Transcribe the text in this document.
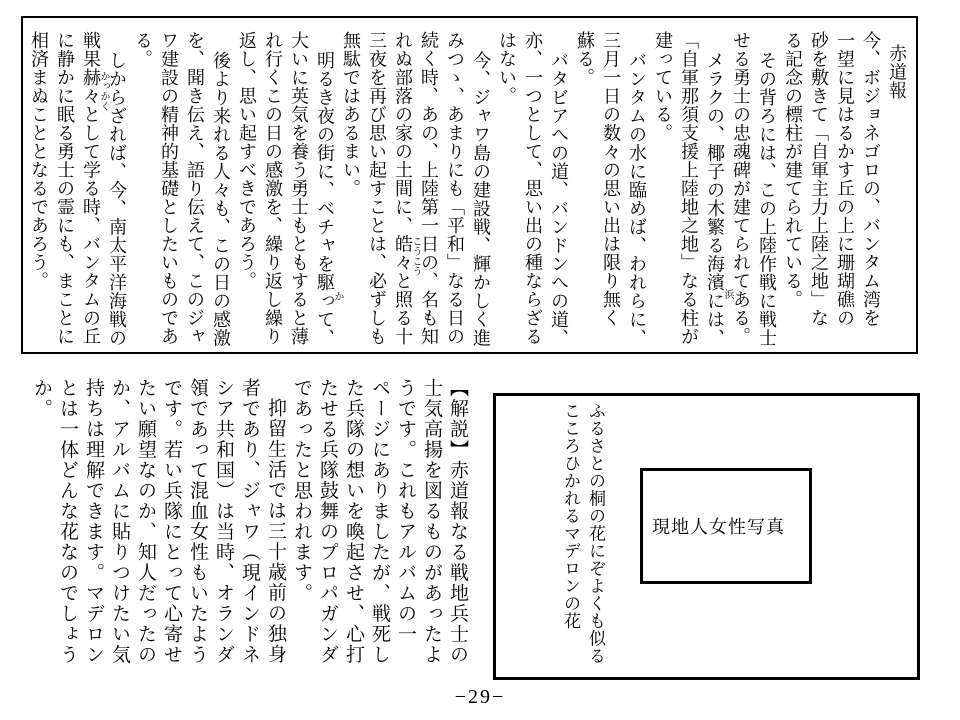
赤道報
今、ボジョネゴロの、バンタム湾を
一望に見はるかす丘の上に珊瑚礁の
砂を敷きて「自軍主力上陸之地」な
る記念の標柱が建てられている。
その背ろには、この上陸作戦に戦士
せる勇士の忠魂碑が建てられてある。
メラクの、椰子の木繁る海濱には、
浜
「自軍那須支援上陸地之地」なる柱が
建っている。
バンタムの水に臨めば、われらに、
三月一日の数々の思い出は限り無く
蘇る。
バタビアへの道、バンドンへの道、
亦、一つとして、思い出の種ならざる
はない。
今、ジャワ島の建設戦、輝かしく進
みつゝ、あまりにも「平和」なる日の
続く時、あの、上陸第一日の、名も知
れぬ部落の家の土間に、皓々と照る十
こうこう
三夜を再び思い起すことは、必ずしも
無駄ではあるまい。
明るき夜の街に、ベチャを駆って、
か
大いに英気を養う勇士もともすると薄
れ行くこの日の感激を、繰り返し繰り
返し、思い起すべきであろう。
後より来れる人々も、この日の感激
を、聞き伝え、語り伝えて、このジャ
ワ建設の精神的基礎としたいものであ
る。
しからざれば、今、南太平洋海戦の
戦果赫々として学る時、バンタムの丘
かっかく
に静かに眠る勇士の霊にも、まことに
相済まぬこととなるであろう。
【解説】赤道報なる戦地兵士の
士気高揚を図るものがあったよ
うです。これもアルバムの一
ページにありましたが、戦死し
た兵隊の想いを喚起させ、心打
たせる兵隊鼓舞のプロパガンダ
であったと思われます。
抑留生活では三十歳前の独身
者であり、ジャワ（現インドネ
シア共和国）は当時、オランダ
領であって混血女性もいたよう
です。若い兵隊にとって心寄せ
たい願望なのか、知人だったの
か、アルバムに貼りつけたい気
持ちは理解できます。マデロン
とは一体どんな花なのでしょう
か。
ふるさとの桐の花にぞよくも似る
こころひかれるマデロンの花	現地人女性写真
−29−
